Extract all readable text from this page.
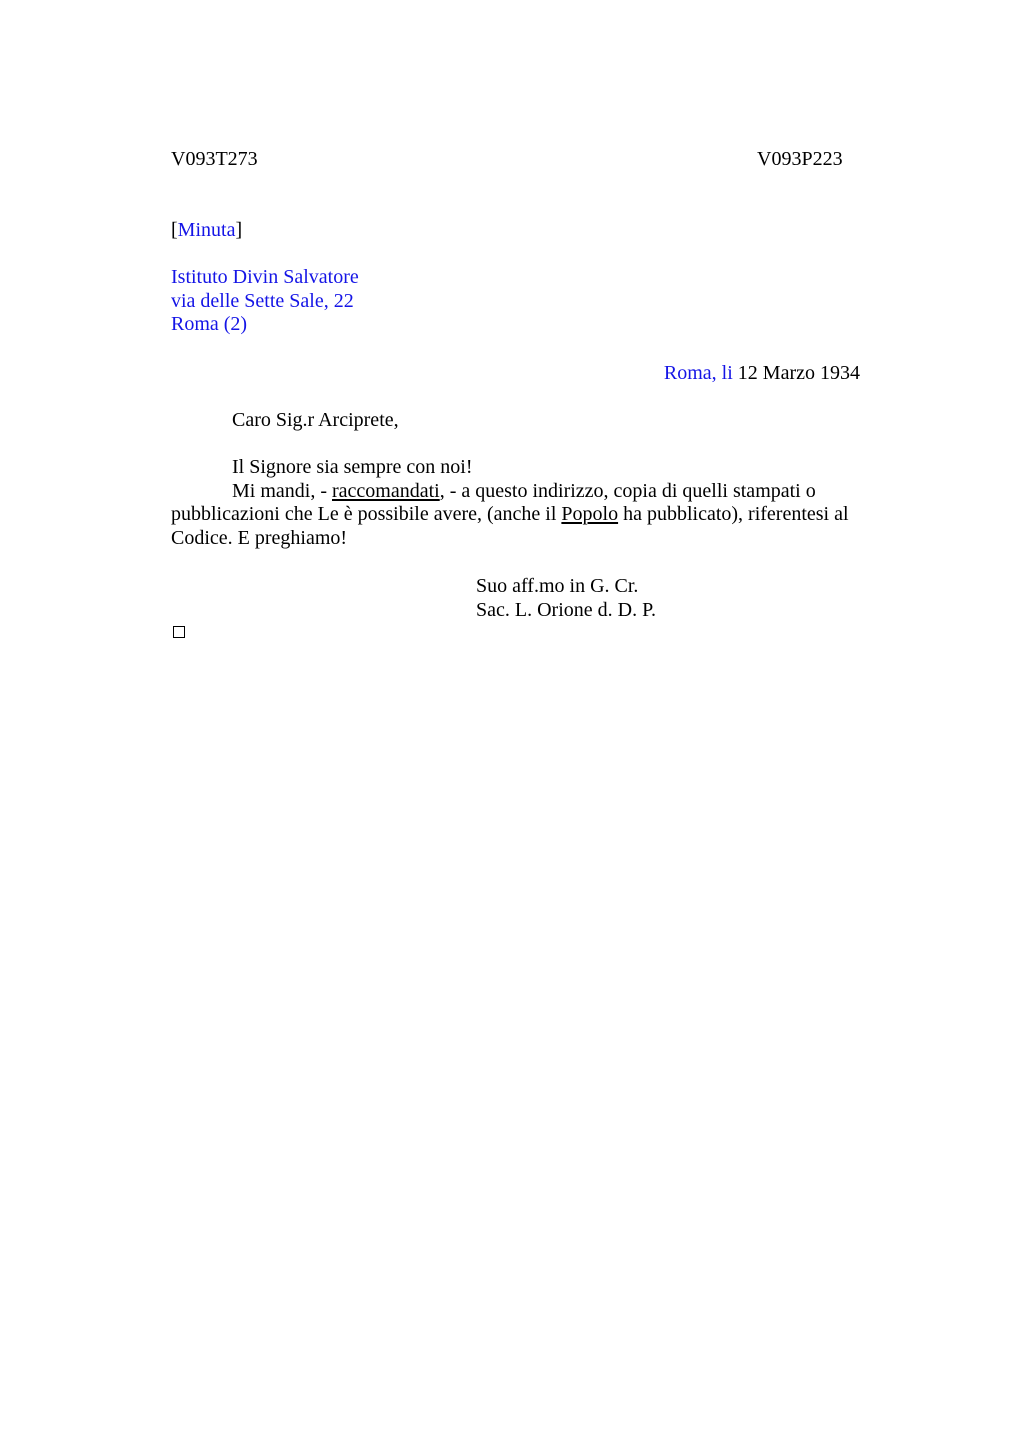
V093T273	V093P223
[Minuta]
Istituto Divin Salvatore
via delle Sette Sale, 22
Roma (2)
Roma, li 12 Marzo 1934
Caro Sig.r Arciprete,

Il Signore sia sempre con noi!

Mi mandi, - raccomandati, - a questo indirizzo, copia di quelli stampati o pubblicazioni che Le è possibile avere, (anche il Popolo ha pubblicato), riferentesi al Codice. E preghiamo!

Suo aff.mo in G. Cr.
Sac. L. Orione d. D. P.
